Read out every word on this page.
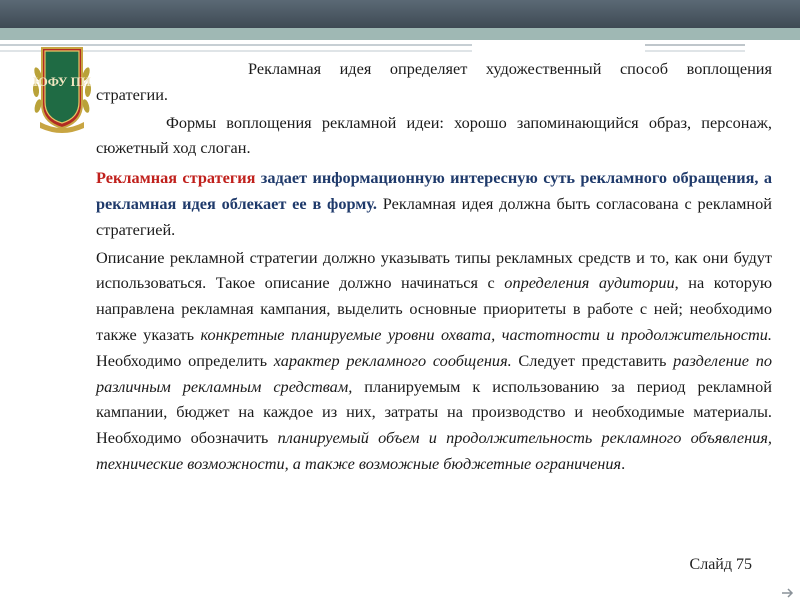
ЮФУ ПИ

Рекламная идея определяет художественный способ воплощения стратегии.

Формы воплощения рекламной идеи: хорошо запоминающийся образ, персонаж, сюжетный ход слоган.

Рекламная стратегия задает информационную интересную суть рекламного обращения, а рекламная идея облекает ее в форму. Рекламная идея должна быть согласована с рекламной стратегией.

Описание рекламной стратегии должно указывать типы рекламных средств и то, как они будут использоваться. Такое описание должно начинаться с определения аудитории, на которую направлена рекламная кампания, выделить основные приоритеты в работе с ней; необходимо также указать конкретные планируемые уровни охвата, частотности и продолжительности. Необходимо определить характер рекламного сообщения. Следует представить разделение по различным рекламным средствам, планируемым к использованию за период рекламной кампании, бюджет на каждое из них, затраты на производство и необходимые материалы. Необходимо обозначить планируемый объем и продолжительность рекламного объявления, технические возможности, а также возможные бюджетные ограничения.

Слайд 75
